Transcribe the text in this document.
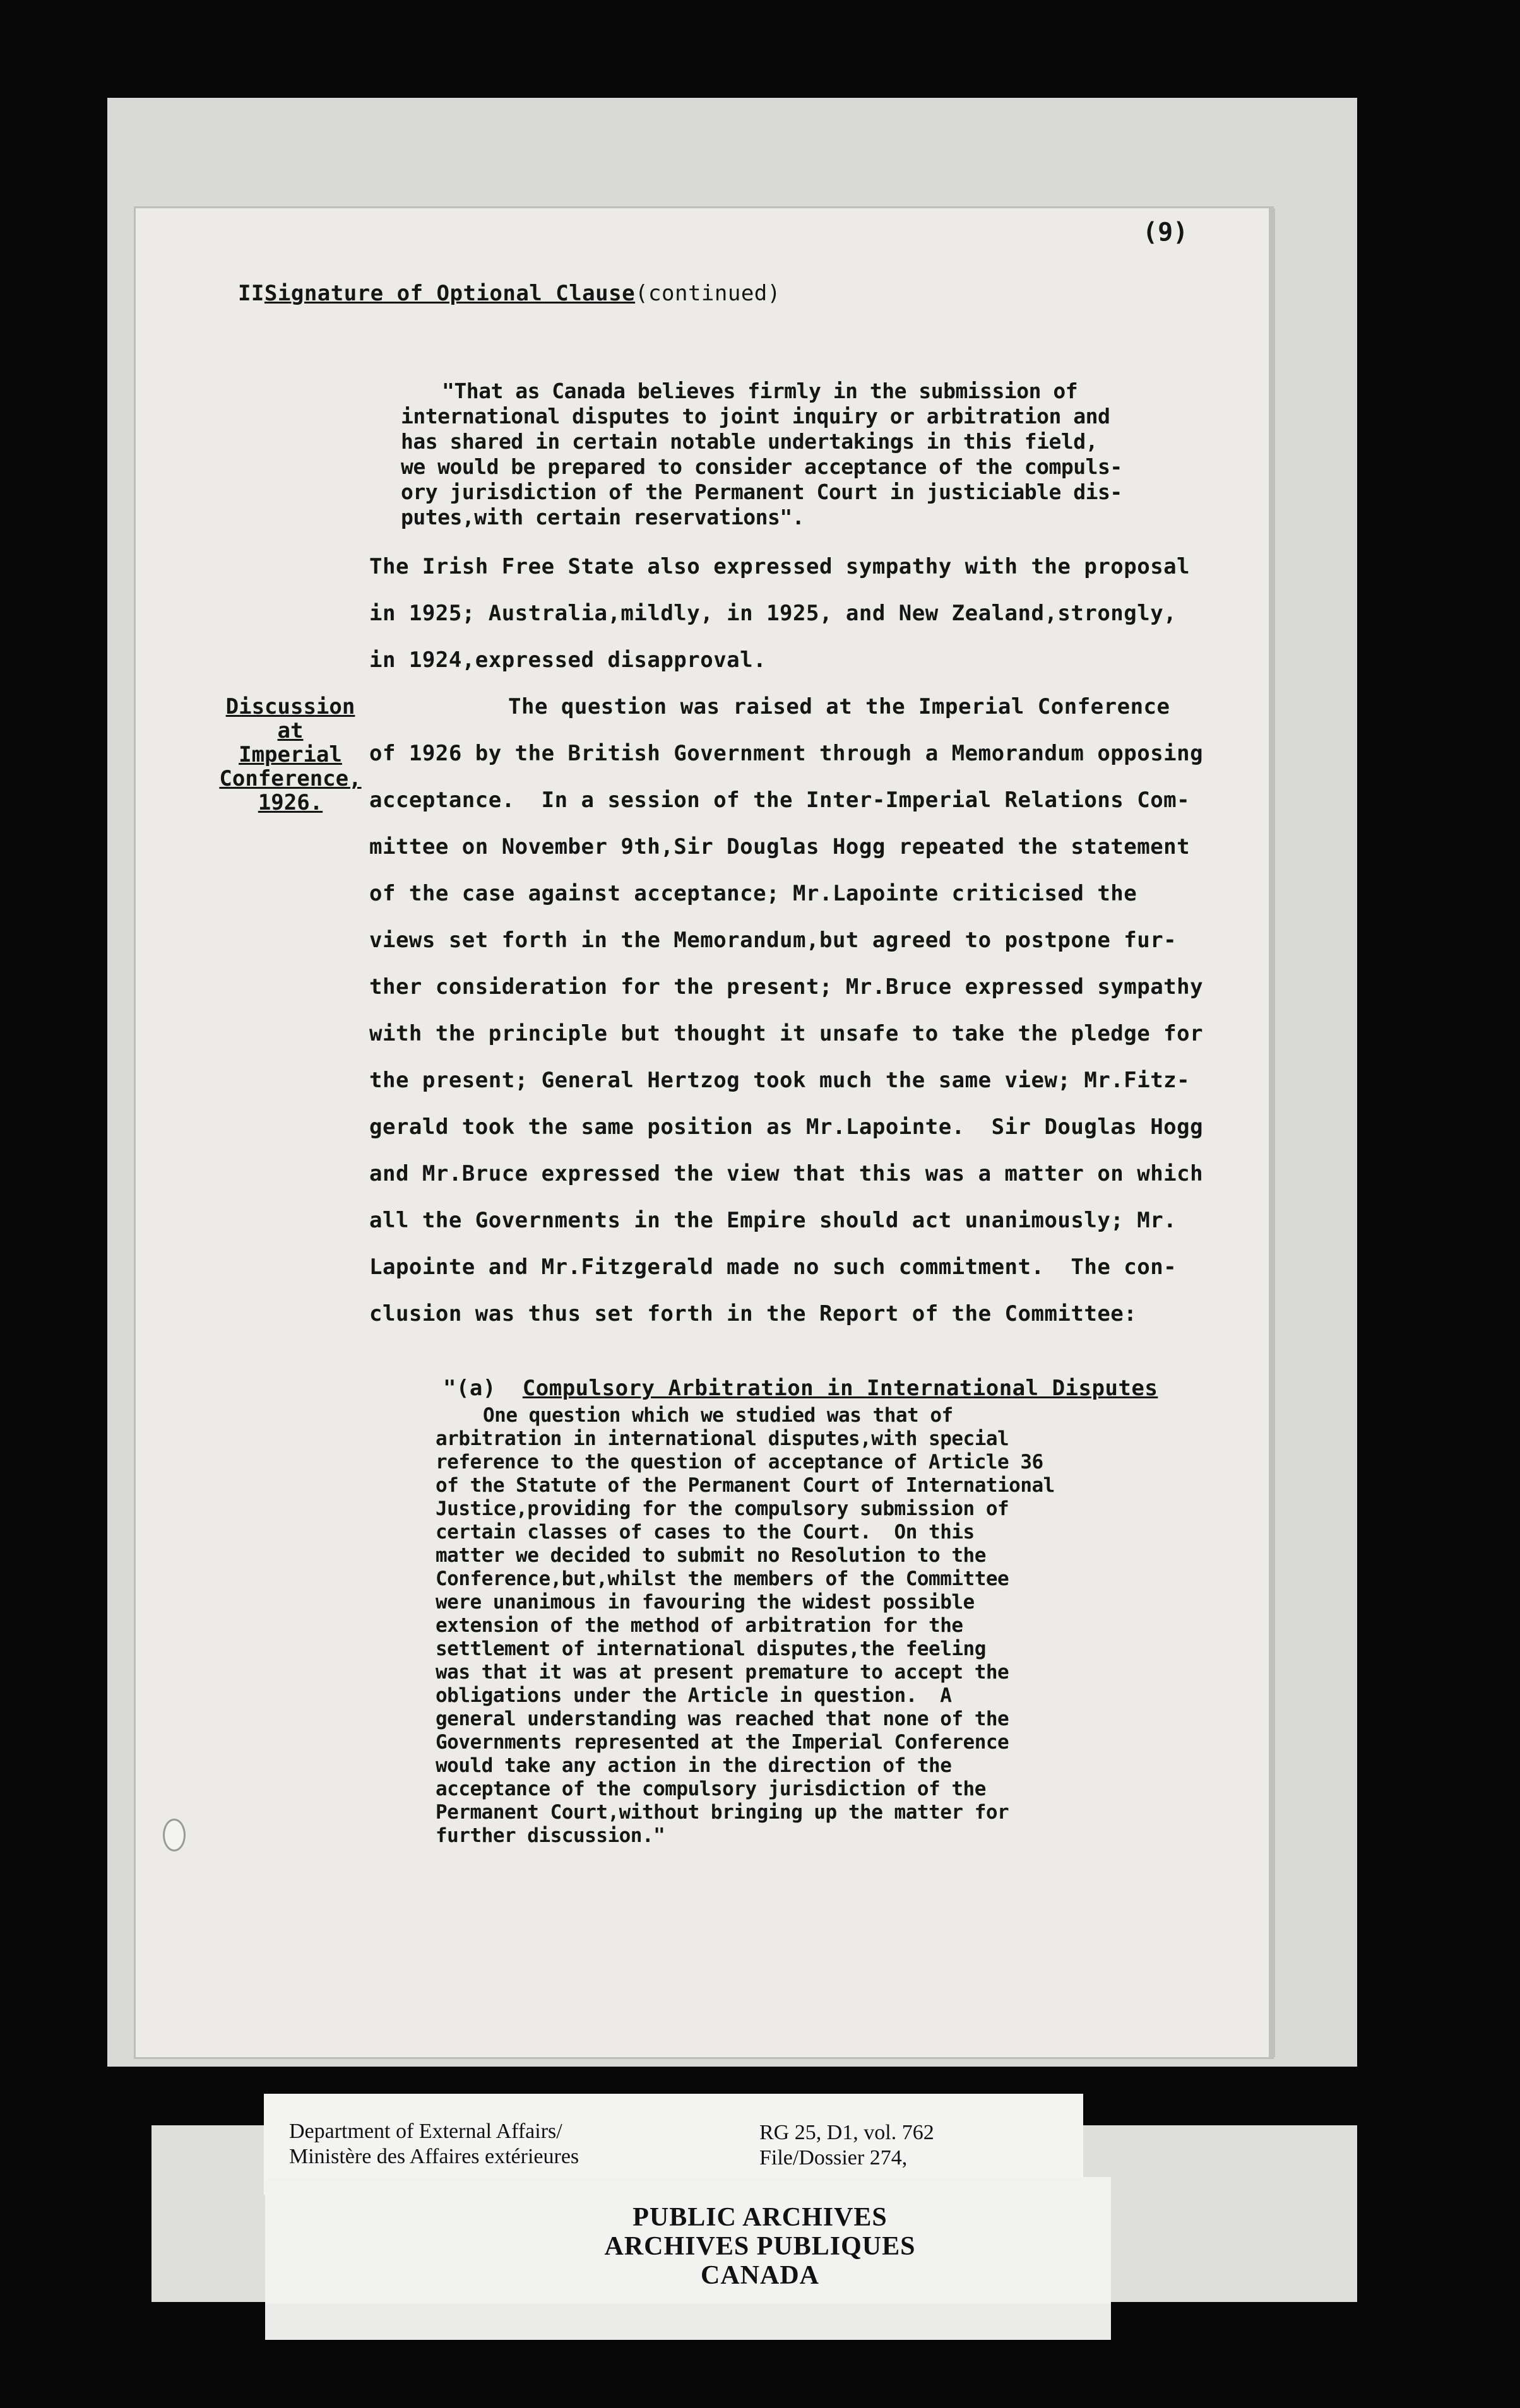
(9)

IISignature of Optional Clause(continued)

"That as Canada believes firmly in the submission of
international disputes to joint inquiry or arbitration and
has shared in certain notable undertakings in this field,
we would be prepared to consider acceptance of the compuls-
ory jurisdiction of the Permanent Court in justiciable dis-
putes,with certain reservations".
The Irish Free State also expressed sympathy with the proposal
in 1925; Australia,mildly, in 1925, and New Zealand,strongly,
in 1924,expressed disapproval.
Discussion
at
Imperial
Conference,
1926.
The question was raised at the Imperial Conference
of 1926 by the British Government through a Memorandum opposing
acceptance.  In a session of the Inter-Imperial Relations Com-
mittee on November 9th,Sir Douglas Hogg repeated the statement
of the case against acceptance; Mr.Lapointe criticised the
views set forth in the Memorandum,but agreed to postpone fur-
ther consideration for the present; Mr.Bruce expressed sympathy
with the principle but thought it unsafe to take the pledge for
the present; General Hertzog took much the same view; Mr.Fitz-
gerald took the same position as Mr.Lapointe.  Sir Douglas Hogg
and Mr.Bruce expressed the view that this was a matter on which
all the Governments in the Empire should act unanimously; Mr.
Lapointe and Mr.Fitzgerald made no such commitment.  The con-
clusion was thus set forth in the Report of the Committee:

"(a) Compulsory Arbitration in International Disputes

One question which we studied was that of
arbitration in international disputes,with special
reference to the question of acceptance of Article 36
of the Statute of the Permanent Court of International
Justice,providing for the compulsory submission of
certain classes of cases to the Court.  On this
matter we decided to submit no Resolution to the
Conference,but,whilst the members of the Committee
were unanimous in favouring the widest possible
extension of the method of arbitration for the
settlement of international disputes,the feeling
was that it was at present premature to accept the
obligations under the Article in question.  A
general understanding was reached that none of the
Governments represented at the Imperial Conference
would take any action in the direction of the
acceptance of the compulsory jurisdiction of the
Permanent Court,without bringing up the matter for
further discussion."
Department of External Affairs/
Ministère des Affaires extérieures
RG 25, D1, vol. 762
File/Dossier 274,
PUBLIC ARCHIVES
ARCHIVES PUBLIQUES
CANADA
